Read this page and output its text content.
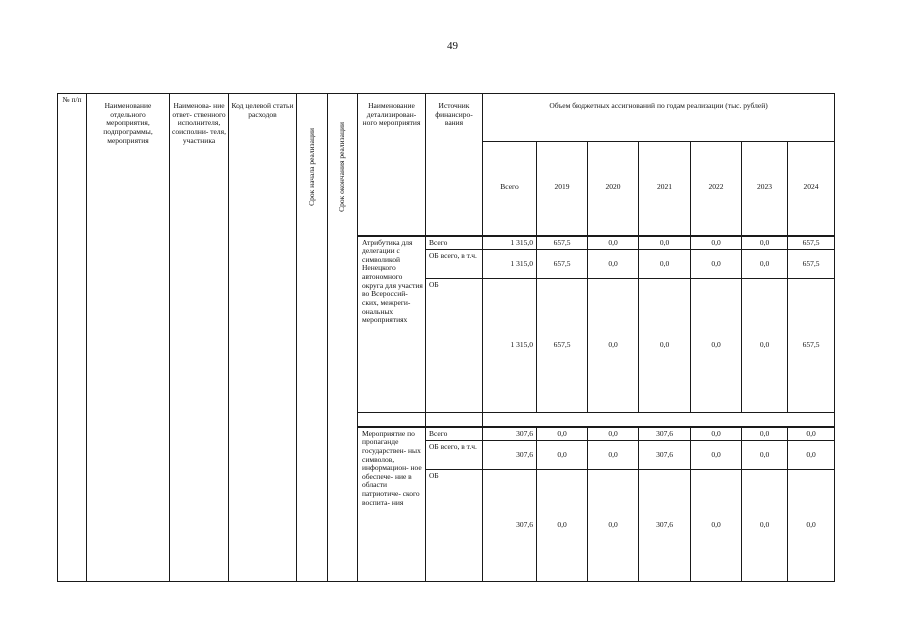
49
№ п/п	Наименование отдельного мероприятия, подпрограммы, мероприятия	Наименова- ние ответ- ственного исполнителя, соисполни- теля, участника	Код целевой статьи расходов	Срок начала реализации	Срок окончания реализации	Наименование детализирован- ного мероприятия	Источник финансиро- вания	Объем бюджетных ассигнований по годам реализации (тыс. рублей)						
								Всего	2019	2020	2021	2022	2023	2024
						Атрибутика для делегации с символикой Ненецкого автономного округа для участия во Всероссий- ских, межреги- ональных мероприятиях	Всего	1 315,0	657,5	0,0	0,0	0,0	0,0	657,5
							ОБ всего, в т.ч.	1 315,0	657,5	0,0	0,0	0,0	0,0	657,5
							ОБ	1 315,0	657,5	0,0	0,0	0,0	0,0	657,5

						Мероприятие по пропаганде государствен- ных символов, информацион- ное обеспече- ние в области патриотиче- ского воспита- ния	Всего	307,6	0,0	0,0	307,6	0,0	0,0	0,0
							ОБ всего, в т.ч.	307,6	0,0	0,0	307,6	0,0	0,0	0,0
							ОБ	307,6	0,0	0,0	307,6	0,0	0,0	0,0
